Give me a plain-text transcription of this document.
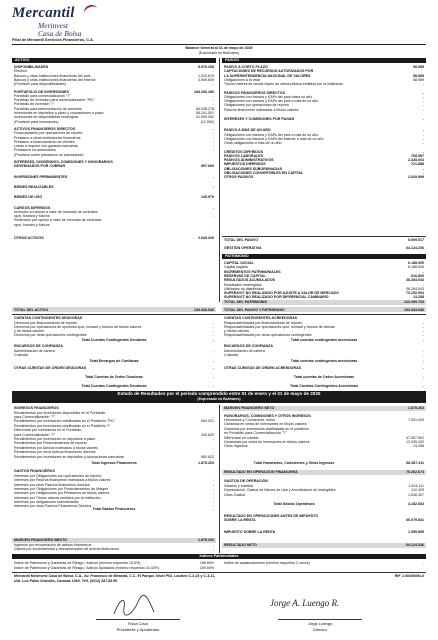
Mercantil
Merinvest
Casa de Bolsa
Filial de Mercantil Servicios Financieros, C.A.
Balance General al 31 de mayo de 2025
(Expresado en Bolívares)
ACTIVO	PASIVO
DISPONIBILIDADES	5.570.268
Efectivo	-
Bancos y otras instituciones financieras del país	1.010.619
Bancos y otras instituciones financieras del exterior	4.559.639
(Provisión para disponibilidades)	-
PORTAFOLIO DE INVERSIONES	184.266.280
Portafolio para comercialización "T"	-
Portafolio de inversión para comercialización "PIC"	-
Portafolio de inversión "I"	-
Portafolio para intermediación de acciones	84.038.278
Inversiones en depósitos a plazo y colocaciones a plazo	58.241.501
Inversiones de disponibilidad restringida	41.999.050
(Provisión para inversiones)	(12.550)
ACTIVOS FINANCIEROS DIRECTOS	-
Financiamiento por operaciones de reporto	-
Préstamo a otras instituciones financieras	-
Préstamo a financiamiento de clientes	-
Letras a requerir con garantía bancarias	-
Préstamos no autorizados	-
(Provisión sobre préstamos no autorizados)	-
INTERESES, DIVIDENDOS, COMISIONES Y HONORARIOS
DEVENGADOS POR COBRAR	897.660
INVERSIONES PERMANENTES	-
BIENES REALIZABLES	-
BIENES DE USO	149.979
CARGOS DIFERIDOS	-
Inversión en acción a valor de mercado de contratos
spot, forward y futuros	-
Redención por opción a valor de mercado de contratos
spot, forward y futuros	-
OTROS ACTIVOS	2.649.329
PASIVO A CORTO PLAZO	58.989
CAPTACIONES DE RECURSOS AUTORIZADOS POR
LA SUPERINTENDENCIA NACIONAL DE VALORES	58.989
Obligaciones a la vista	58.989
Títulos valores de deuda objeto de oferta pública emitidos por la institución	-
PASIVOS FINANCIEROS DIRECTOS	-
Obligaciones con bancos y EAPs del país hasta un año	-
Obligaciones con bancos y EAPs del país a más de un año	-
Obligaciones por operaciones de reporto	-
Pasivos financieros indexados a títulos valores	-
INTERESES Y COMISIONES POR PAGAR	-
PASIVO A MÁS DE UN AÑO	-
Obligaciones con bancos y EAPs del país a más de un año	-
Obligaciones con bancos y EAPs del exterior a más de un año	-
Otras obligaciones a más de un año	-
CRÉDITOS DIFERIDOS	-
PASIVOS LABORALES	768.997
PASIVOS ADMINISTRATIVOS	2.328.664
IMPUESTOS DIFERIDOS	721.888
OBLIGACIONES SUBORDINADAS	-
OBLIGACIONES CONVERTIBLES EN CAPITAL	-
OTROS PASIVOS	2.029.999
TOTAL DEL PASIVO	5.909.517
GESTIÓN OPERATIVA	64.124.236
PATRIMONIO
CAPITAL SOCIAL	6.188.000
Capital pagado	6.188.000
INCREMENTOS PATRIMONIALES	-
RESERVAS DE CAPITAL	616.800
RESULTADOS ACUMULADOS	38.284.043
Resultados restringidos	-
Utilidades no distribuidas	38.284.043
SUPERÁVIT NO REALIZADO POR AJUSTE A VALOR DE MERCADO	73.152.904
SUPERÁVIT NO REALIZADO POR DIFERENCIAL CAMBIARIO	13.258
TOTAL DEL PATRIMONIO	123.299.703
TOTAL DEL ACTIVO	193.333.546	TOTAL DEL PASIVO Y PATRIMONIO	193.333.546
CUENTAS CONTINGENTES DEUDORAS	CUENTAS CONTINGENTES ACREEDORAS
Derechos por financiamiento de reporto	-
Derechos por operaciones de opciones spot, forward y futuros de títulos valores	-
y de títulos valores	-
Derechos por otras operaciones contingentes	-
Responsabilidades por financiamiento de reporto	-
Responsabilidades por operaciones spot, forward y futuros de divisas	-
y títulos valores	-
Responsabilidades por otras operaciones contingentes	-
Total Cuentas Contingentes Deudoras	-	Total cuentas contingentes acreedoras	-
ENCARGOS DE CONFIANZA	ENCARGOS DE CONFIANZA
Administración de cartera	-
Custodia	-
Administración de cartera	-
Custodia	-
Total Encargos de Confianza	-	Total cuentas contingentes acreedoras	-
OTRAS CUENTAS DE ORDEN DEUDORAS	-	OTRAS CUENTAS DE ORDEN ACREEDORAS	-
Total Cuentas de Orden Deudoras	-	Total cuentas de Orden Acreedoras	-
Total Cuentas Contingentes Deudoras	-	Total Cuentas Contingentes Acreedoras	-
Estado de Resultados por el período comprendido entre 01 de enero y el 31 de mayo de 2025
(Expresado en Bolívares)
INGRESOS FINANCIEROS
Rendimientos por inversiones disponibles en el Portafolio
para Comercialización "T"	-
Rendimientos por inversiones clasificadas en el Portafolio "PIC"	554.021
Rendimientos por inversiones clasificadas en el Portafolio "I"	-
Diferencial por inversiones en el Portafolio
para Comercialización "T"	340.620
Rendimientos por inversiones en depósitos a plazo	-
Rendimientos por Financiamientos de reporto	-
Rendimientos por Activos indexados a títulos valores	-
Rendimientos por otros Activos financieros directos	-
Rendimientos por inversiones en depósitos y colocaciones bancarias	980.622
Total Ingresos Financieros	1.875.263
GASTOS FINANCIEROS
Intereses por Obligaciones con operaciones de reporto	-
Intereses por Pasivos financieros indexados a títulos valores	-
Intereses por otros Pasivos financieros directos	-
Intereses por Obligaciones por Financiamientos de Margen	-
Intereses por Obligaciones por Préstamos de títulos valores	-
Intereses por Títulos valores emitidos por la institución	-
Intereses por obligaciones subordinadas	-
Intereses por otros Pasivos Financieros Directos	-
Total Gastos Financieros	-
MARGEN FINANCIERO BRUTO	1.875.263
Ingresos por recuperación de activos financieros	-
Gastos por incobrabilidad y desvalorización de activos financieros	-
MARGEN FINANCIERO NETO	1.875.263
HONORARIOS, COMISIONES Y OTROS INGRESOS
Honorarios y Comisiones, netos	7.531.009
Ganancia en venta de inversiones en títulos valores
Ganancia por inversiones clasificadas en el portafolio
en Portafolio para Comercialización "T"	-
Diferencial en cambio	47.507.802
Ganancias por venta de inversiones en títulos valores	13.335.342
Otros Ingresos	13.258
Total Honorarios, Comisiones y Otros Ingresos	68.387.411
RESULTADO EN OPERACIÓN FINANCIERA	70.262.674
GASTOS DE OPERACIÓN
Salarios y sueldos	2.424.111
Depreciación, Gastos de Bienes de Uso y Amortización de Intangibles	112.425
Otros Gastos	1.646.307
Total Gastos Operativos	4.182.843
RESULTADO EN OPERACIONES ANTES DE IMPUESTO
SOBRE LA RENTA	66.079.831
IMPUESTO SOBRE LA RENTA	1.955.595
RESULTADO NETO	64.124.236
Índices Patrimoniales
Índice de Patrimonio y Garantías de Riesgo / Activos (mínimo requerido 15,5%)	158,50%
Índice de Patrimonio y Garantías de Riesgo / Activos Ajustados (mínimo requerido 16,33%)	159,50%
Índice de apalancamiento (mínimo requerido 2 veces)	-
Mercantil Merinvest Casa de Bolsa, C.A., Av. Francisco de Miranda, C.C. El Parque, Nivel P03, Locales C-3-15 y C-3-11,
Urb. Los Palos Grandes, Caracas 1060. Telf. (0212) 287.83.90
RIF J-00305394-0
Jorge A. Luengo R.
Rosa Cava
Presidente y Apoderado
Jorge Luengo
Director
